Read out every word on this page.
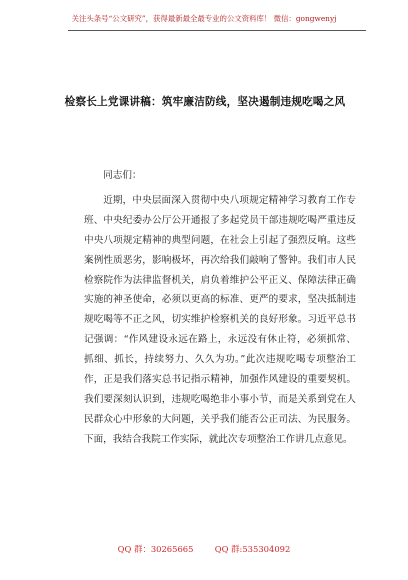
关注头条号“公文研究”，获得最新最全最专业的公文资料库！ 微信：gongwenyj
检察长上党课讲稿：筑牢廉洁防线，坚决遏制违规吃喝之风

同志们：

近期，中央层面深入贯彻中央八项规定精神学习教育工作专班、中央纪委办公厅公开通报了多起党员干部违规吃喝严重违反中央八项规定精神的典型问题，在社会上引起了强烈反响。这些案例性质恶劣，影响极坏，再次给我们敲响了警钟。我们市人民检察院作为法律监督机关，肩负着维护公平正义、保障法律正确实施的神圣使命，必须以更高的标准、更严的要求，坚决抵制违规吃喝等不正之风，切实维护检察机关的良好形象。习近平总书记强调：“作风建设永远在路上，永远没有休止符，必须抓常、抓细、抓长，持续努力、久久为功。”此次违规吃喝专项整治工作，正是我们落实总书记指示精神，加强作风建设的重要契机。我们要深刻认识到，违规吃喝绝非小事小节，而是关系到党在人民群众心中形象的大问题，关乎我们能否公正司法、为民服务。下面，我结合我院工作实际，就此次专项整治工作讲几点意见。

QQ 群：30265665	QQ 群:535304092
